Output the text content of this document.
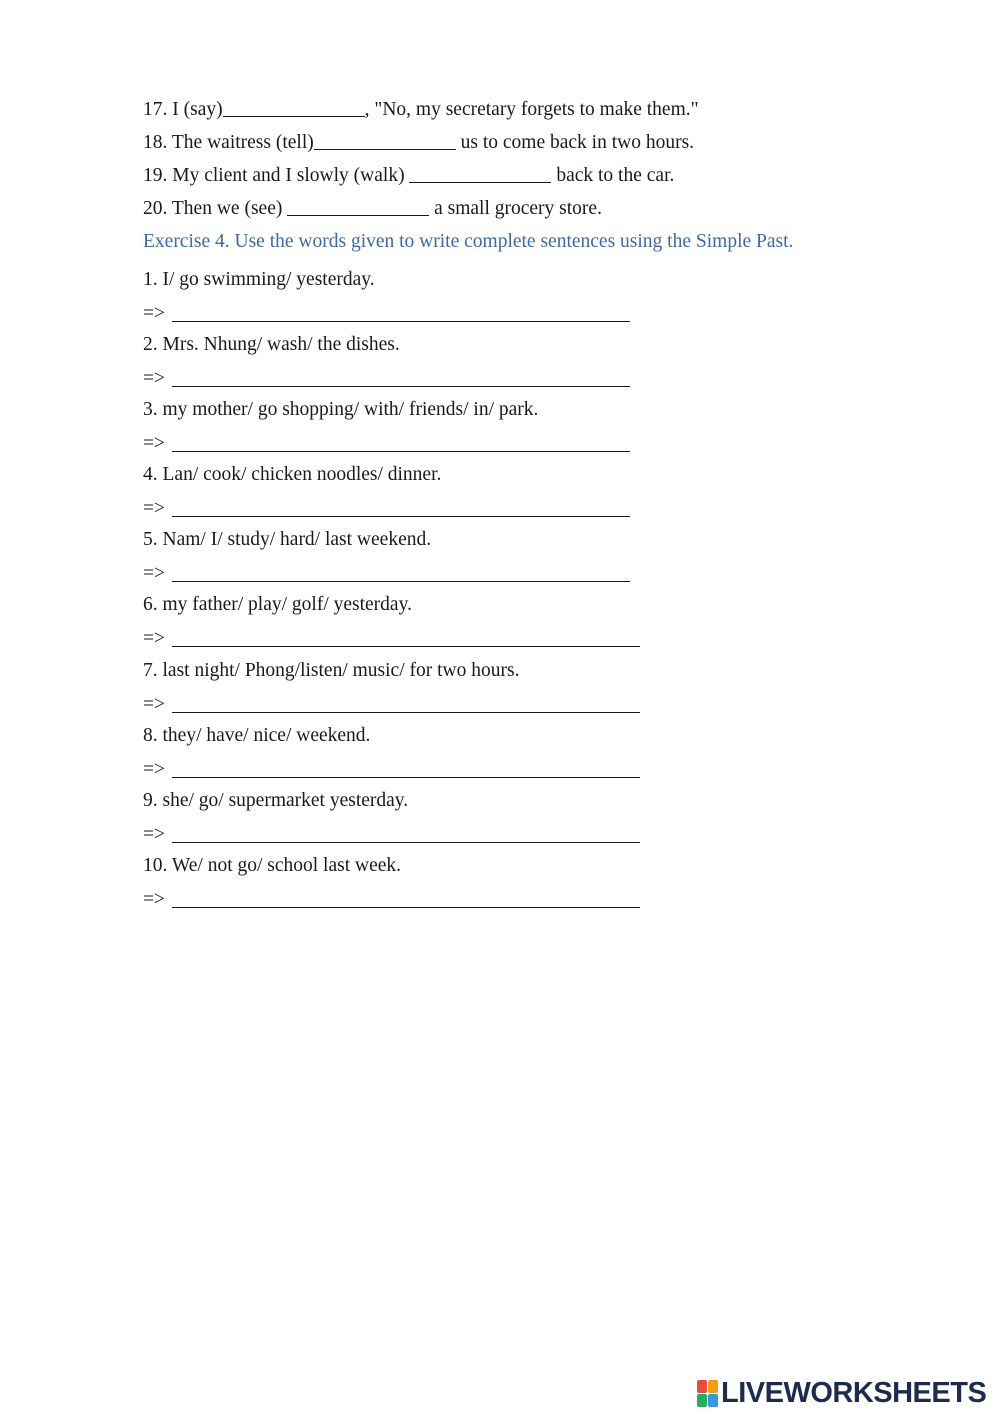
17. I (say)	, "No, my secretary forgets to make them."
18. The waitress (tell)	us to come back in two hours.
19. My client and I slowly (walk)	back to the car.
20. Then we (see)	a small grocery store.
Exercise 4. Use the words given to write complete sentences using the Simple Past.
1. I/ go swimming/ yesterday.
=>
2. Mrs. Nhung/ wash/ the dishes.
=>
3. my mother/ go shopping/ with/ friends/ in/ park.
=>
4. Lan/ cook/ chicken noodles/ dinner.
=>
5. Nam/ I/ study/ hard/ last weekend.
=>
6. my father/ play/ golf/ yesterday.
=>
7. last night/ Phong/listen/ music/ for two hours.
=>
8. they/ have/ nice/ weekend.
=>
9. she/ go/ supermarket yesterday.
=>
10. We/ not go/ school last week.
=>
LIVEWORKSHEETS
